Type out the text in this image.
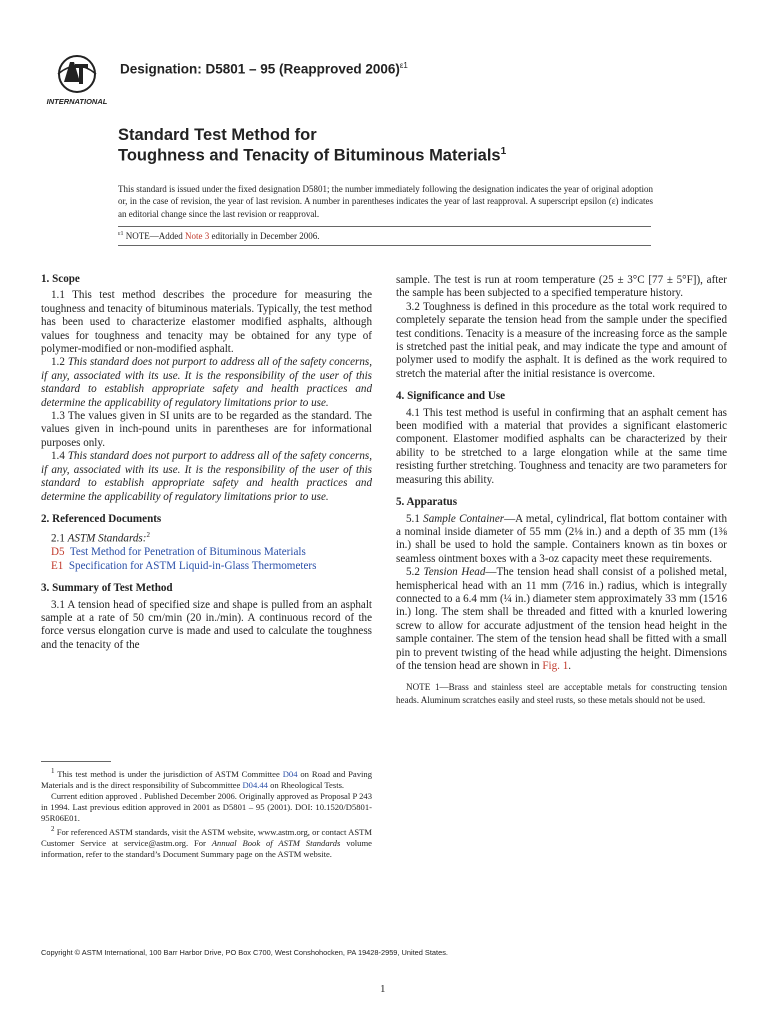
INTERNATIONAL
Designation: D5801 – 95 (Reapproved 2006)$^{\varepsilon 1}$
Standard Test Method for
Toughness and Tenacity of Bituminous Materials$^1$
This standard is issued under the fixed designation D5801; the number immediately following the designation indicates the year of original adoption or, in the case of revision, the year of last revision. A number in parentheses indicates the year of last reapproval. A superscript epsilon (ε) indicates an editorial change since the last revision or reapproval.
$^{\varepsilon 1}$ NOTE—Added Note 3 editorially in December 2006.
1. Scope

1.1 This test method describes the procedure for measuring the toughness and tenacity of bituminous materials. Typically, the test method has been used to characterize elastomer modified asphalts, although values for toughness and tenacity may be obtained for any type of polymer-modified or non-modified asphalt.

1.2 This standard does not purport to address all of the safety concerns, if any, associated with its use. It is the responsibility of the user of this standard to establish appropriate safety and health practices and determine the applicability of regulatory limitations prior to use.

1.3 The values given in SI units are to be regarded as the standard. The values given in inch-pound units in parentheses are for informational purposes only.

1.4 This standard does not purport to address all of the safety concerns, if any, associated with its use. It is the responsibility of the user of this standard to establish appropriate safety and health practices and determine the applicability of regulatory limitations prior to use.

2. Referenced Documents

2.1 ASTM Standards:$^2$

D5 Test Method for Penetration of Bituminous Materials

E1 Specification for ASTM Liquid-in-Glass Thermometers

3. Summary of Test Method

3.1 A tension head of specified size and shape is pulled from an asphalt sample at a rate of 50 cm/min (20 in./min). A continuous record of the force versus elongation curve is made and used to calculate the toughness and the tenacity of the

$^1$ This test method is under the jurisdiction of ASTM Committee D04 on Road and Paving Materials and is the direct responsibility of Subcommittee D04.44 on Rheological Tests.

Current edition approved . Published December 2006. Originally approved as Proposal P 243 in 1994. Last previous edition approved in 2001 as D5801 – 95 (2001). DOI: 10.1520/D5801-95R06E01.

$^2$ For referenced ASTM standards, visit the ASTM website, www.astm.org, or contact ASTM Customer Service at service@astm.org. For Annual Book of ASTM Standards volume information, refer to the standard’s Document Summary page on the ASTM website.

sample. The test is run at room temperature (25 ± 3°C [77 ± 5°F]), after the sample has been subjected to a specified temperature history.

3.2 Toughness is defined in this procedure as the total work required to completely separate the tension head from the sample under the specified test conditions. Tenacity is a measure of the increasing force as the sample is stretched past the initial peak, and may indicate the type and amount of polymer used to modify the asphalt. It is defined as the work required to stretch the material after the initial resistance is overcome.

4. Significance and Use

4.1 This test method is useful in confirming that an asphalt cement has been modified with a material that provides a significant elastomeric component. Elastomer modified asphalts can be characterized by their ability to be stretched to a large elongation while at the same time resisting further stretching. Toughness and tenacity are two parameters for measuring this ability.

5. Apparatus

5.1 Sample Container—A metal, cylindrical, flat bottom container with a nominal inside diameter of 55 mm (2⅛ in.) and a depth of 35 mm (1⅜ in.) shall be used to hold the sample. Containers known as tin boxes or seamless ointment boxes with a 3-oz capacity meet these requirements.

5.2 Tension Head—The tension head shall consist of a polished metal, hemispherical head with an 11 mm (7⁄16 in.) radius, which is integrally connected to a 6.4 mm (¼ in.) diameter stem approximately 33 mm (15⁄16 in.) long. The stem shall be threaded and fitted with a knurled lowering screw to allow for accurate adjustment of the tension head height in the sample container. The stem of the tension head shall be fitted with a small pin to prevent twisting of the head while adjusting the height. Dimensions of the tension head are shown in Fig. 1.

NOTE 1—Brass and stainless steel are acceptable metals for constructing tension heads. Aluminum scratches easily and steel rusts, so these metals should not be used.

Copyright © ASTM International, 100 Barr Harbor Drive, PO Box C700, West Conshohocken, PA 19428-2959, United States.
1
